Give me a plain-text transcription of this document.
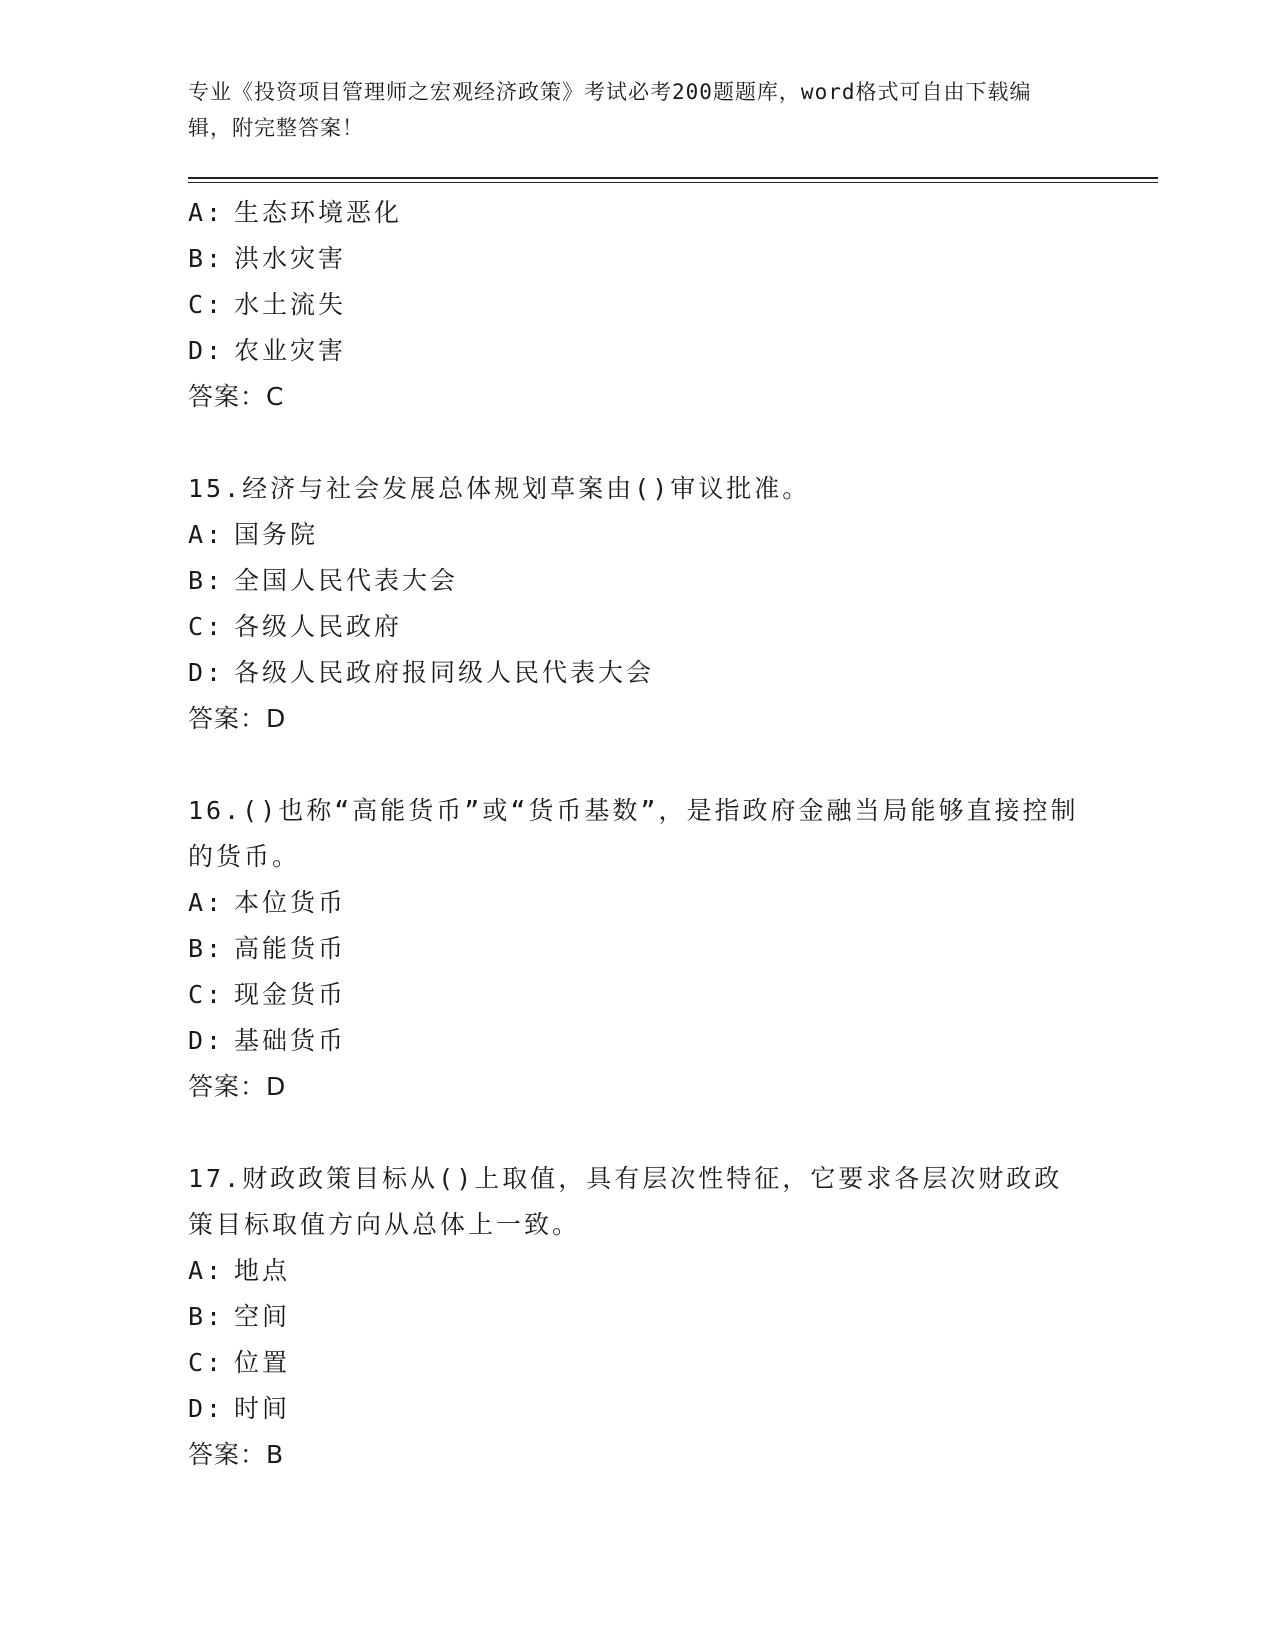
专业《投资项目管理师之宏观经济政策》考试必考200题题库，word格式可自由下载编辑，附完整答案！
A: 生态环境恶化
B: 洪水灾害
C: 水土流失
D: 农业灾害
答案：C
15.经济与社会发展总体规划草案由()审议批准。
A: 国务院
B: 全国人民代表大会
C: 各级人民政府
D: 各级人民政府报同级人民代表大会
答案：D
16.()也称“高能货币”或“货币基数”，是指政府金融当局能够直接控制的货币。
A: 本位货币
B: 高能货币
C: 现金货币
D: 基础货币
答案：D
17.财政政策目标从()上取值，具有层次性特征，它要求各层次财政政策目标取值方向从总体上一致。
A: 地点
B: 空间
C: 位置
D: 时间
答案：B
